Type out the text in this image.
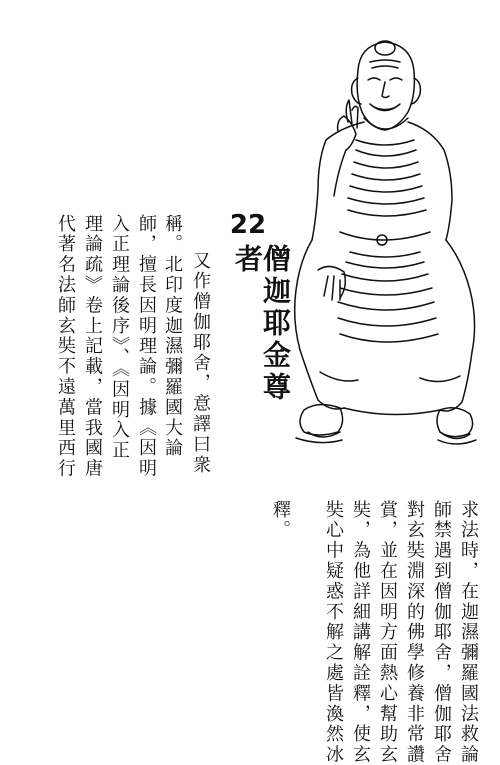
又作僧伽耶舍，意譯曰衆
稱。北印度迦濕彌羅國大論
師，擅長因明理論。據《因明
入正理論後序》、《因明入正
理論疏》卷上記載，當我國唐
代著名法師玄奘不遠萬里西行	22
僧迦耶金尊者
求法時，在迦濕彌羅國法救論
師禁遇到僧伽耶舍，僧伽耶舍
對玄奘淵深的佛學修養非常讚
賞，並在因明方面熱心幫助玄
奘，為他詳細講解詮釋，使玄
奘心中疑惑不解之處皆渙然冰
釋。
